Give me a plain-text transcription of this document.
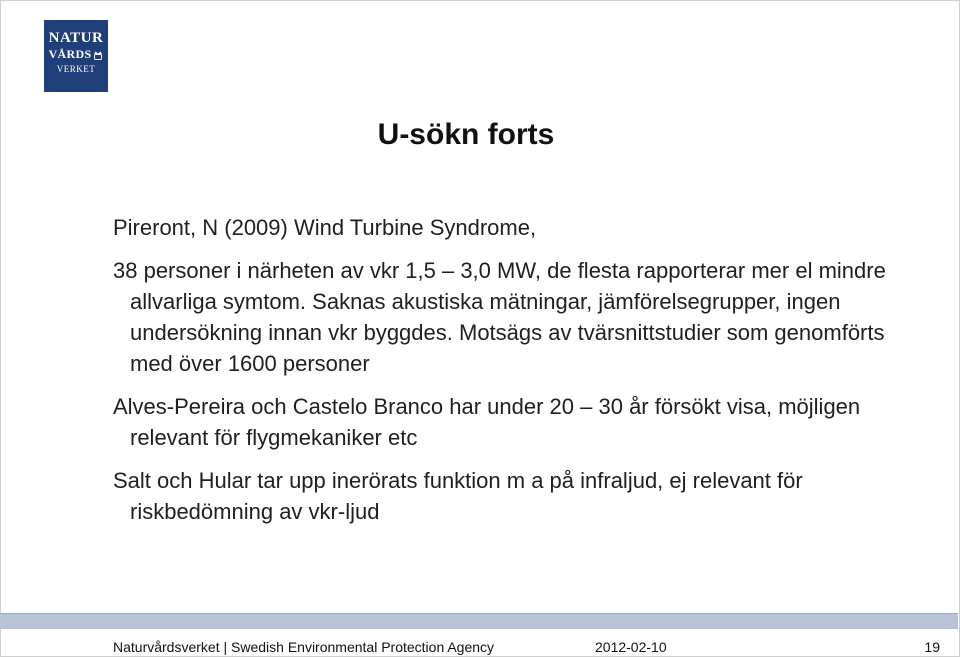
NATUR
VÅRDS
VERKET
U-sökn forts
Pireront, N (2009) Wind Turbine Syndrome,
38 personer i närheten av vkr 1,5 – 3,0 MW, de flesta rapporterar mer el mindre allvarliga symtom. Saknas akustiska mätningar, jämförelsegrupper, ingen undersökning innan vkr byggdes. Motsägs av tvärsnittstudier som genomförts med över 1600 personer
Alves-Pereira och Castelo Branco har under 20 – 30 år försökt visa, möjligen relevant för flygmekaniker etc
Salt och Hular tar upp inerörats funktion m a på infraljud, ej relevant för riskbedömning av vkr-ljud
Naturvårdsverket | Swedish Environmental Protection Agency	2012-02-10	19
